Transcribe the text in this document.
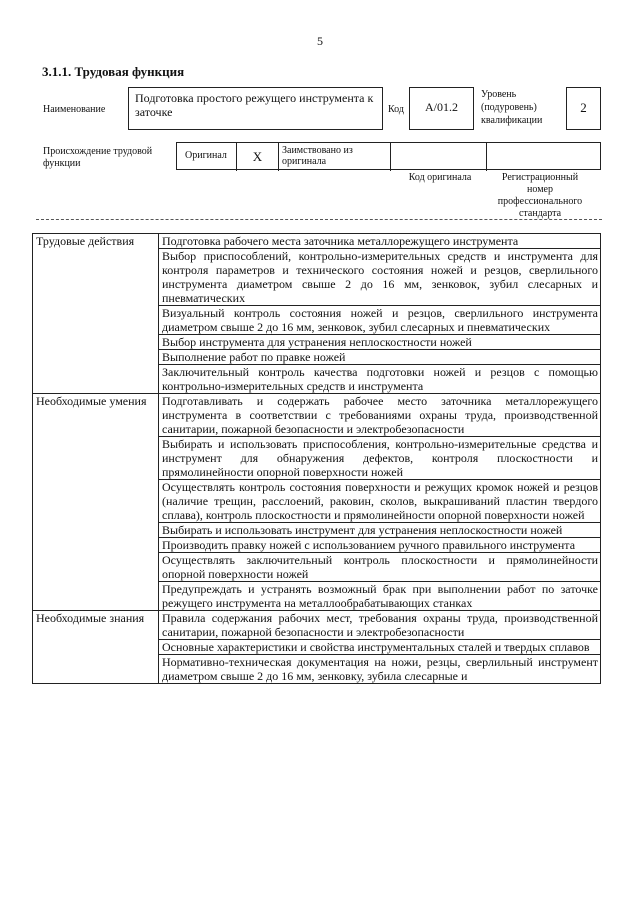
5
3.1.1. Трудовая функция
Наименование
Подготовка простого режущего инструмента к заточке	Код	A/01.2
Уровень (подуровень) квалификации
2
Происхождение трудовой функции
Оригинал	X	Заимствовано из оригинала
Код оригинала	Регистрационный номер профессионального стандарта
Трудовые действия	Подготовка рабочего места заточника металлорежущего инструмента

	Выбор приспособлений, контрольно-измерительных средств и инструмента для контроля параметров и технического состояния ножей и резцов, сверлильного инструмента диаметром свыше 2 до 16 мм, зенковок, зубил слесарных и пневматических

	Визуальный контроль состояния ножей и резцов, сверлильного инструмента диаметром свыше 2 до 16 мм, зенковок, зубил слесарных и пневматических

	Выбор инструмента для устранения неплоскостности ножей

	Выполнение работ по правке ножей

	Заключительный контроль качества подготовки ножей и резцов с помощью контрольно-измерительных средств и инструмента

Необходимые умения	Подготавливать и содержать рабочее место заточника металлорежущего инструмента в соответствии с требованиями охраны труда, производственной санитарии, пожарной безопасности и электробезопасности

	Выбирать и использовать приспособления, контрольно-измерительные средства и инструмент для обнаружения дефектов, контроля плоскостности и прямолинейности опорной поверхности ножей

	Осуществлять контроль состояния поверхности и режущих кромок ножей и резцов (наличие трещин, расслоений, раковин, сколов, выкрашиваний пластин твердого сплава), контроль плоскостности и прямолинейности опорной поверхности ножей

	Выбирать и использовать инструмент для устранения неплоскостности ножей

	Производить правку ножей с использованием ручного правильного инструмента

	Осуществлять заключительный контроль плоскостности и прямолинейности опорной поверхности ножей

	Предупреждать и устранять возможный брак при выполнении работ по заточке режущего инструмента на металлообрабатывающих станках

Необходимые знания	Правила содержания рабочих мест, требования охраны труда, производственной санитарии, пожарной безопасности и электробезопасности

	Основные характеристики и свойства инструментальных сталей и твердых сплавов

	Нормативно-техническая документация на ножи, резцы, сверлильный инструмент диаметром свыше 2 до 16 мм, зенковку, зубила слесарные и
